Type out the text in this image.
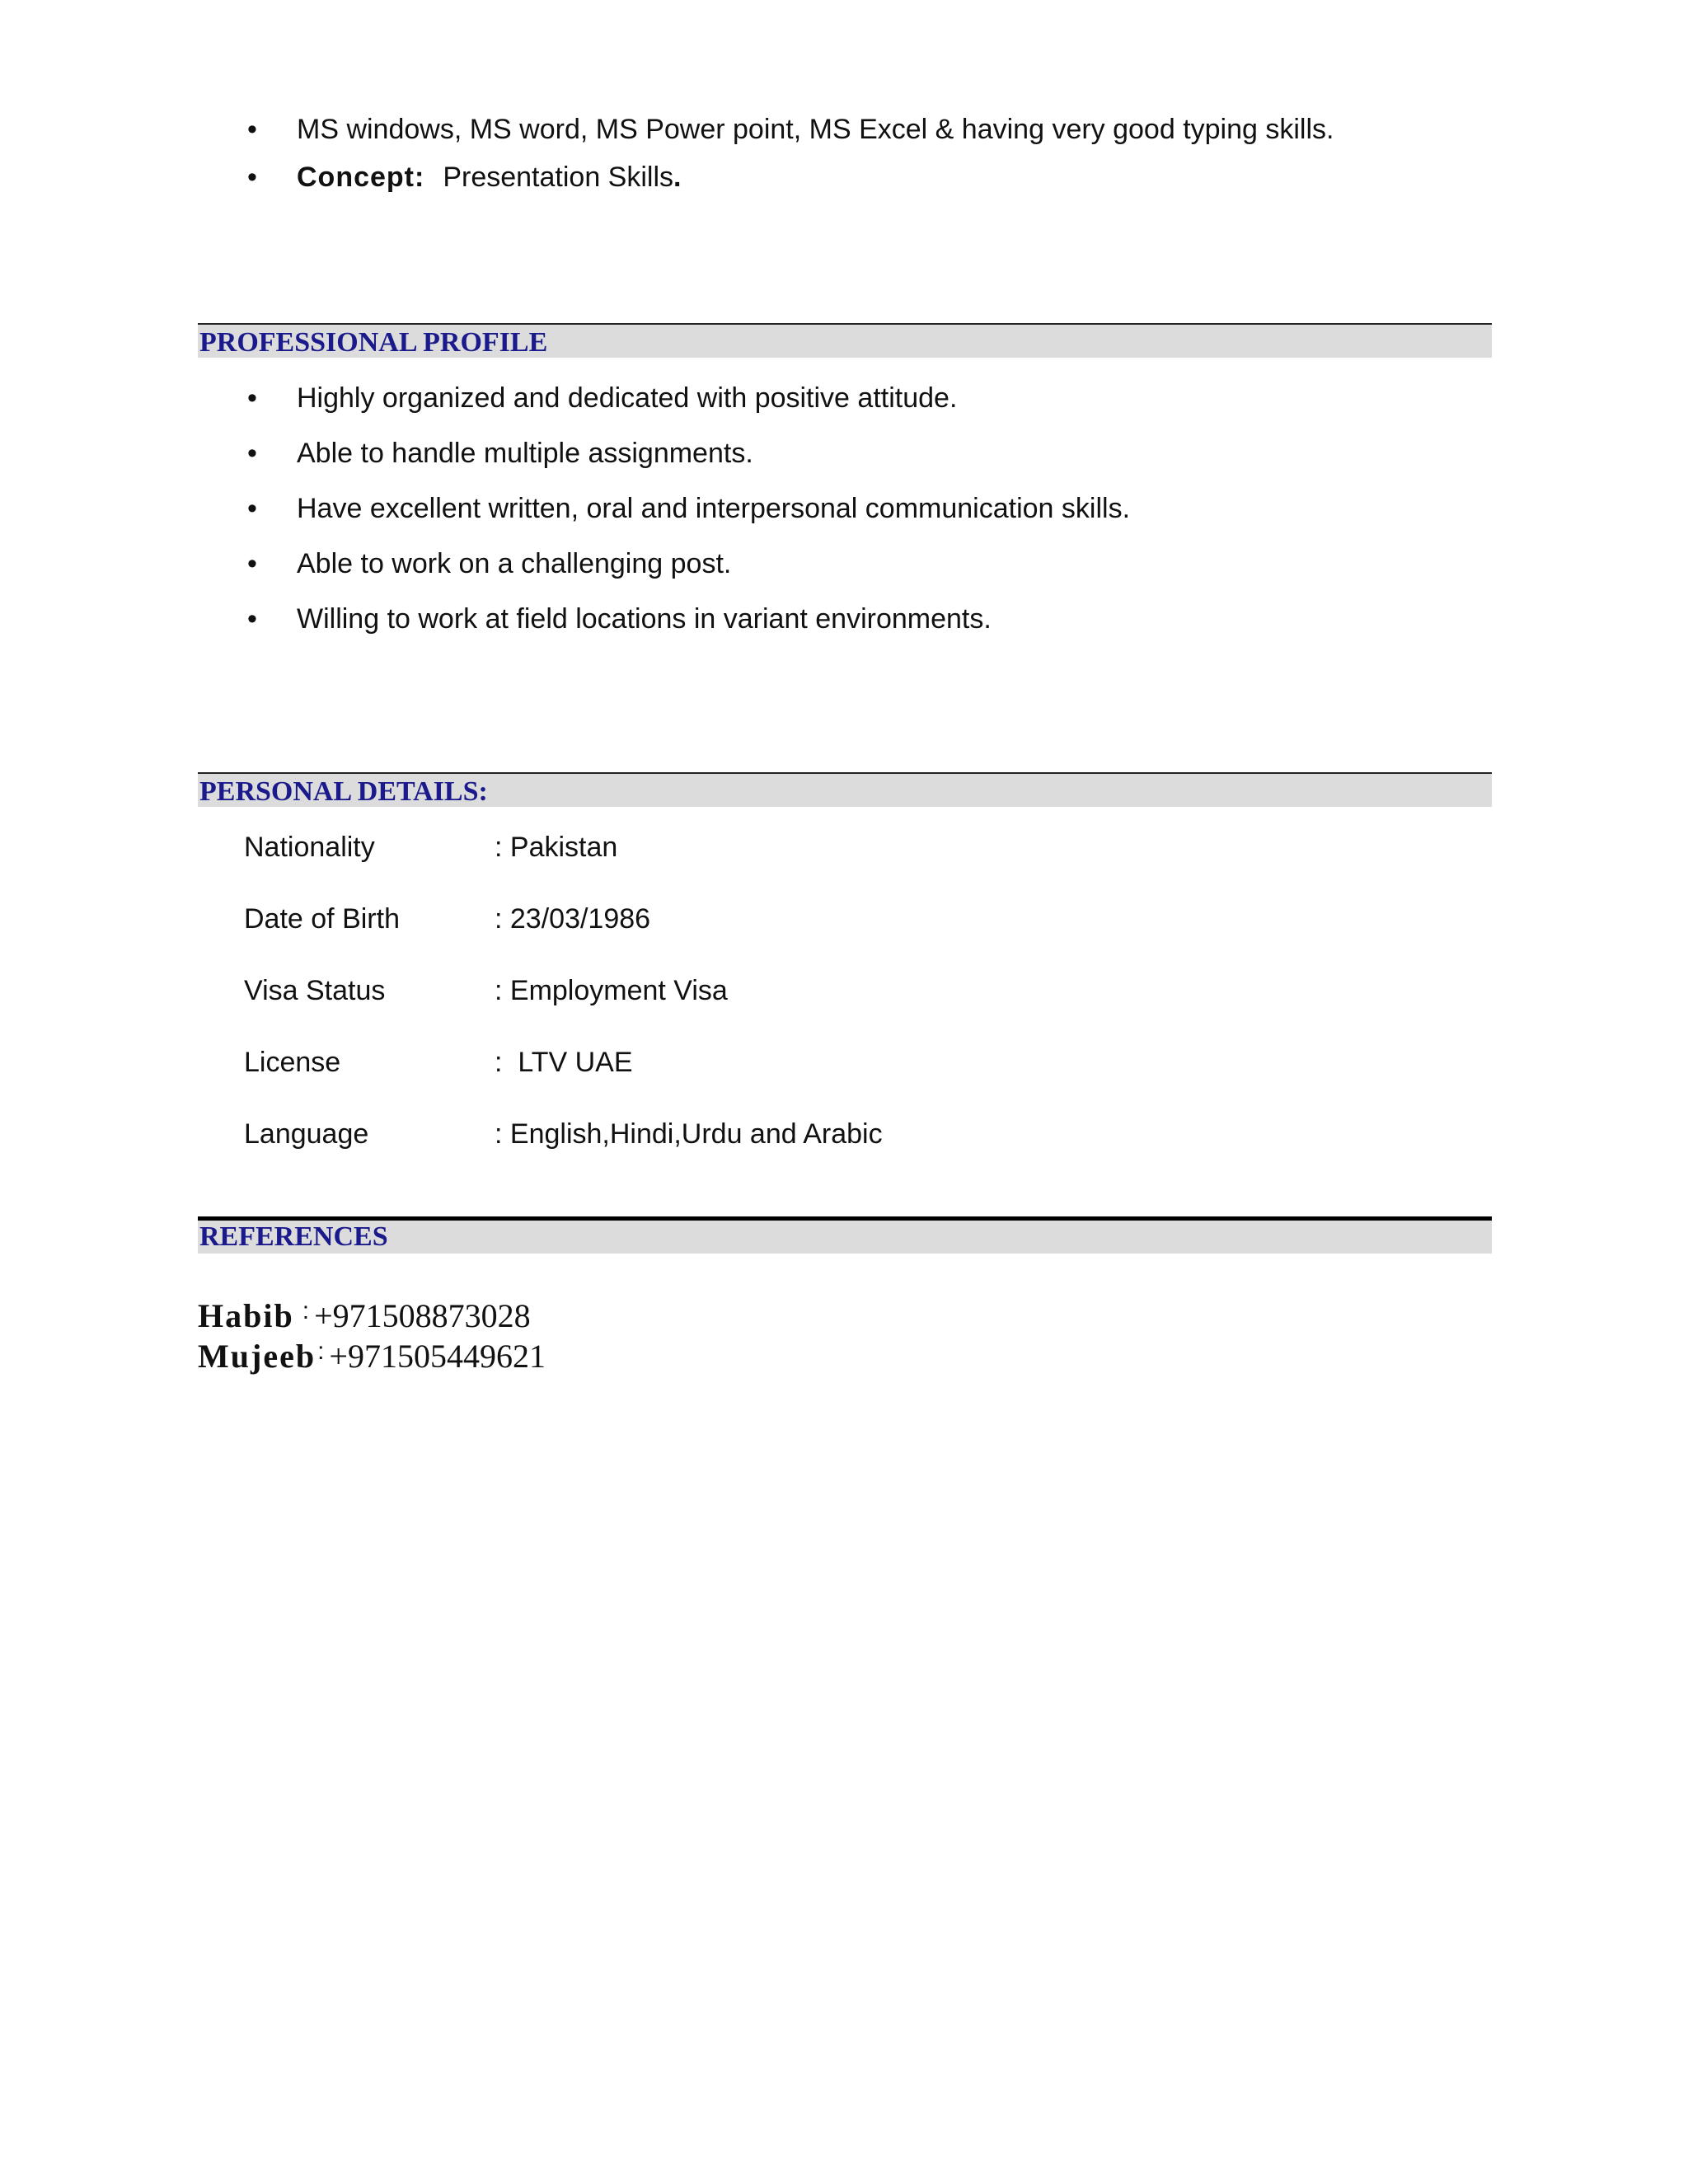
•	MS windows, MS word, MS Power point, MS Excel & having very good typing skills.
•	Concept: Presentation Skills.
PROFESSIONAL PROFILE
•	Highly organized and dedicated with positive attitude.
•	Able to handle multiple assignments.
•	Have excellent written, oral and interpersonal communication skills.
•	Able to work on a challenging post.
•	Willing to work at field locations in variant environments.
PERSONAL DETAILS:
Nationality	: Pakistan
Date of Birth	: 23/03/1986
Visa Status	: Employment Visa
License	:  LTV UAE
Language	: English,Hindi,Urdu and Arabic
REFERENCES
Habib : +971508873028
Mujeeb: +971505449621
